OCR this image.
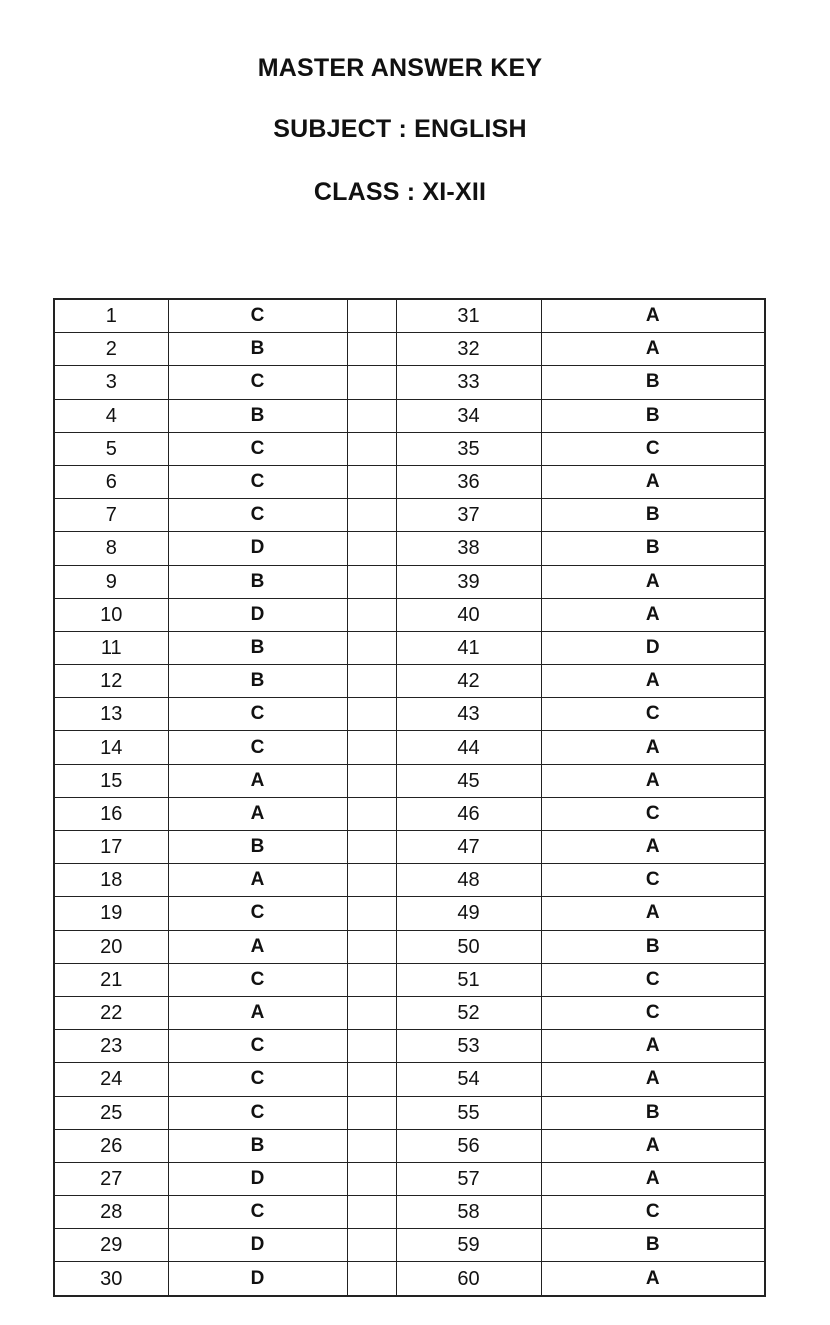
MASTER ANSWER KEY
SUBJECT : ENGLISH
CLASS : XI-XII
1	C		31	A
2	B		32	A
3	C		33	B
4	B		34	B
5	C		35	C
6	C		36	A
7	C		37	B
8	D		38	B
9	B		39	A
10	D		40	A
11	B		41	D
12	B		42	A
13	C		43	C
14	C		44	A
15	A		45	A
16	A		46	C
17	B		47	A
18	A		48	C
19	C		49	A
20	A		50	B
21	C		51	C
22	A		52	C
23	C		53	A
24	C		54	A
25	C		55	B
26	B		56	A
27	D		57	A
28	C		58	C
29	D		59	B
30	D		60	A
